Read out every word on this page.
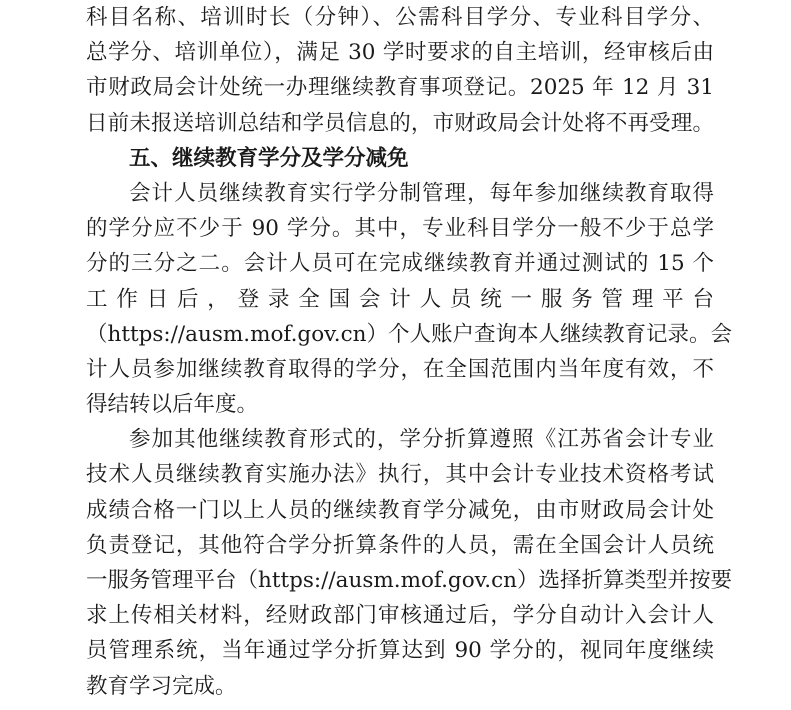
科目名称、培训时长（分钟）、公需科目学分、专业科目学分、
总学分、培训单位），满足 30 学时要求的自主培训，经审核后由
市财政局会计处统一办理继续教育事项登记。2025 年 12 月 31
日前未报送培训总结和学员信息的，市财政局会计处将不再受理。
五、继续教育学分及学分减免
会计人员继续教育实行学分制管理，每年参加继续教育取得
的学分应不少于 90 学分。其中，专业科目学分一般不少于总学
分的三分之二。会计人员可在完成继续教育并通过测试的 15 个
工作日后，登录全国会计人员统一服务管理平台
（https://ausm.mof.gov.cn）个人账户查询本人继续教育记录。会
计人员参加继续教育取得的学分，在全国范围内当年度有效，不
得结转以后年度。
参加其他继续教育形式的，学分折算遵照《江苏省会计专业
技术人员继续教育实施办法》执行，其中会计专业技术资格考试
成绩合格一门以上人员的继续教育学分减免，由市财政局会计处
负责登记，其他符合学分折算条件的人员，需在全国会计人员统
一服务管理平台（https://ausm.mof.gov.cn）选择折算类型并按要
求上传相关材料，经财政部门审核通过后，学分自动计入会计人
员管理系统，当年通过学分折算达到 90 学分的，视同年度继续
教育学习完成。
